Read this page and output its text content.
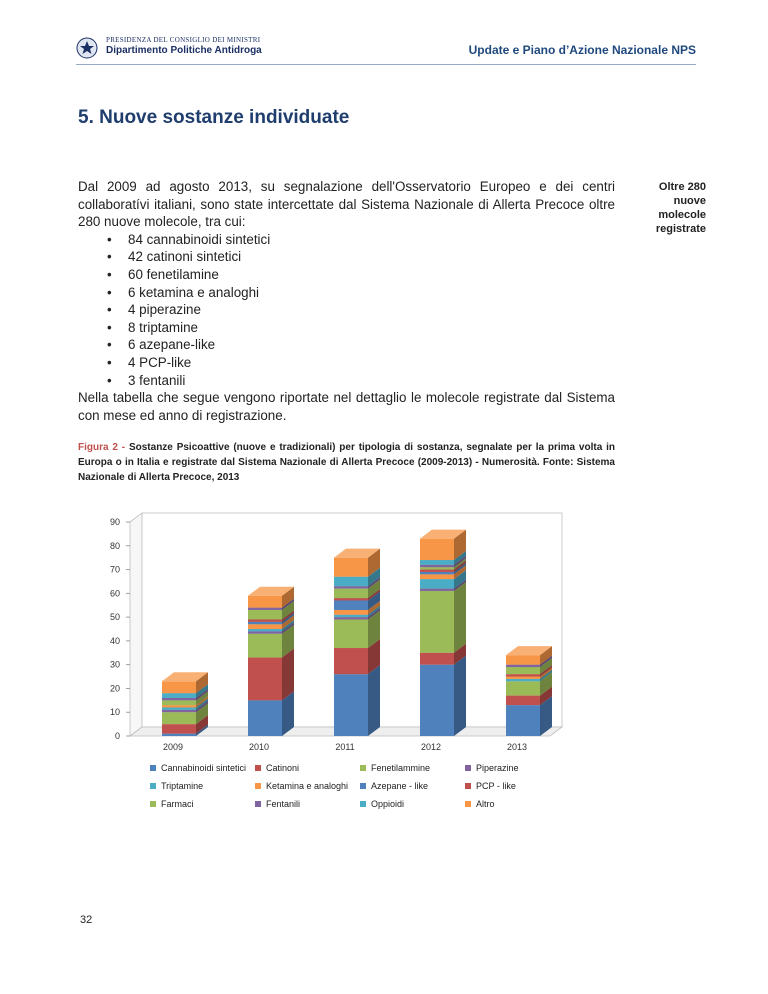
PRESIDENZA DEL CONSIGLIO DEI MINISTRI
Dipartimento Politiche Antidroga	Update e Piano d’Azione Nazionale NPS
5. Nuove sostanze individuate

Dal 2009 ad agosto 2013, su segnalazione dell'Osservatorio Europeo e dei centri collaboratívi italiani, sono state intercettate dal Sistema Nazionale di Allerta Precoce oltre 280 nuove molecole, tra cui:

• 84 cannabinoidi sintetici
• 42 catinoni sintetici
• 60 fenetilamine
• 6 ketamina e analoghi
• 4 piperazine
• 8 triptamine
• 6 azepane-like
• 4 PCP-like
• 3 fentanili

Nella tabella che segue vengono riportate nel dettaglio le molecole registrate dal Sistema con mese ed anno di registrazione.

Oltre 280 nuove molecole registrate
Figura 2 - Sostanze Psicoattive (nuove e tradizionali) per tipologia di sostanza, segnalate per la prima volta in Europa o in Italia e registrate dal Sistema Nazionale di Allerta Precoce (2009-2013) - Numerosità. Fonte: Sistema Nazionale di Allerta Precoce, 2013
0
10
20
30
40
50
60
70
80
90
2009	2010	2011	2012	2013
Cannabinoidi sintetici Catinoni	Fenetilammine	Piperazine
Triptamine	Ketamina e analoghi	Azepane - like	PCP - like
Farmaci	Fentanili	Oppioidi	Altro
32
